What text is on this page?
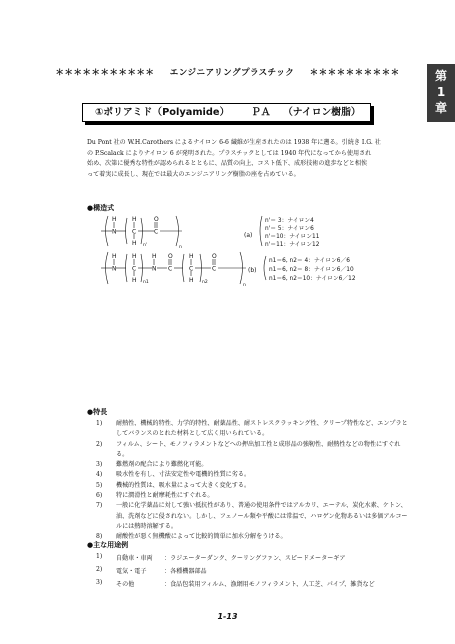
＊＊＊＊＊＊＊＊＊＊＊ エンジニアリングプラスチック ＊＊＊＊＊＊＊＊＊＊	第
1
章
①ポリアミド（Polyamide） ＰＡ （ナイロン樹脂）
Du Pont 社の W.H.Carothers によるナイロン 6-6 繊維が生産されたのは 1938 年に遡る。引続き I.G. 社
の P.Scalack によりナイロン 6 が発明された。プラスチックとしては 1940 年代になってから使用され
始め、次第に優秀な特性が認められるとともに、品質の向上、コスト低下、成形技術の進歩などと相俟
って着実に成長し、現在では最大のエンジニアリング樹脂の座を占めている。
●構造式
N
H	H
C
H n'
O
C
n
H
N
H
C
H n1
H
N
O
C
H
C
H n2
O
C
n
(a)
n'＝ 3：ナイロン4
n'＝ 5：ナイロン6
n'＝10：ナイロン11
n'＝11：ナイロン12
(b)
n1＝6, n2＝ 4：ナイロン6／6
n1＝6, n2＝ 8：ナイロン6／10
n1＝6, n2＝10：ナイロン6／12
●特長
1) 耐熱性、機械的特性、力学的特性、耐薬品性、耐ストレスクラッキング性、クリープ特性など、エンプラとしてバランスのとれた材料として広く用いられている。
2) フィルム、シート、モノフィラメントなどへの押出加工性と成形品の強靭性、耐熱性などの物性にすぐれる。
3) 難燃剤の配合により難燃化可能。
4) 吸水性を有し、寸法安定性や電機的性質に劣る。
5) 機械的性質は、吸水量によって大きく変化する。
6) 特に潤滑性と耐摩耗性にすぐれる。
7) 一般に化学薬品に対して強い抵抗性があり、普通の使用条件ではアルカリ、エーテル、炭化水素、ケトン、油、洗剤などに侵されない。しかし、フェノール類や平酸には常温で、ハロゲン化物あるいは多価アルコールには熱時溶解する。
8) 耐酸性が悪く無機酸によって比較的簡単に加水分解をうける。
●主な用途例
1) 自動車・車両 ：ラジエーターダンク、クーリングファン、スピードメーターギア
2) 電気・電子	：各種機器部品
3) その他	：食品包装用フィルム、漁網用モノフィラメント、人工芝、パイプ、雑貨など
1-13
